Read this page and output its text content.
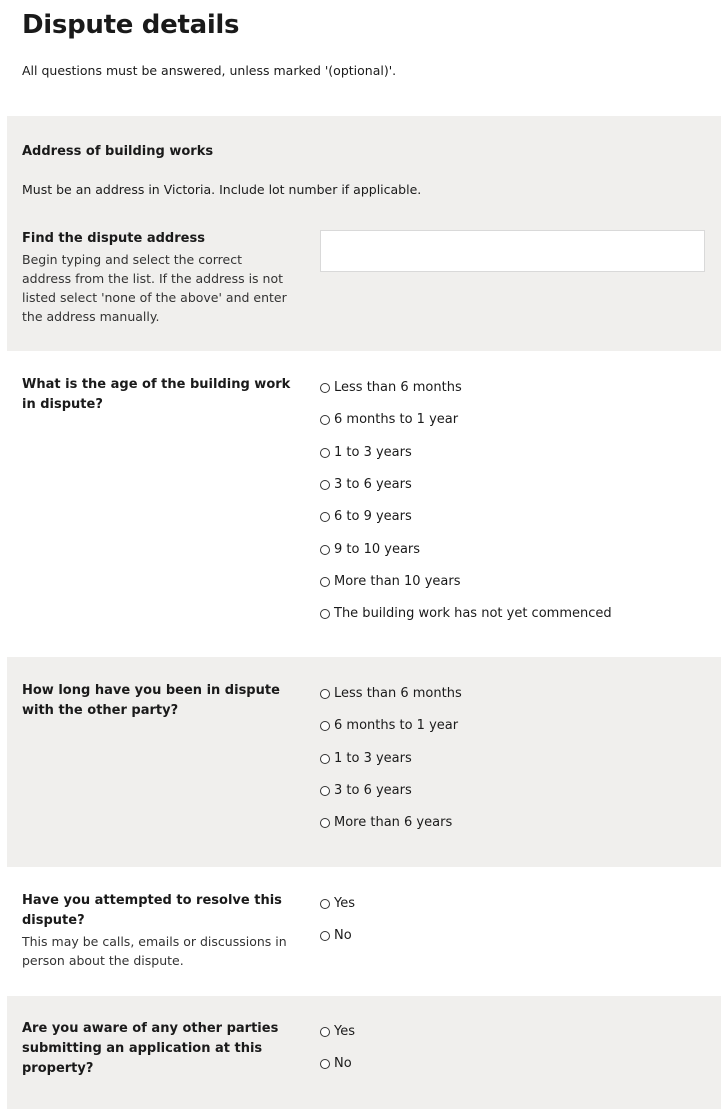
Dispute details

All questions must be answered, unless marked '(optional)'.

Address of building works
Must be an address in Victoria. Include lot number if applicable.
Find the dispute address
Begin typing and select the correct address from the list. If the address is not listed select 'none of the above' and enter the address manually.
What is the age of the building work in dispute?
Less than 6 months
6 months to 1 year
1 to 3 years
3 to 6 years
6 to 9 years
9 to 10 years
More than 10 years
The building work has not yet commenced
How long have you been in dispute with the other party?
Less than 6 months
6 months to 1 year
1 to 3 years
3 to 6 years
More than 6 years
Have you attempted to resolve this dispute?
This may be calls, emails or discussions in person about the dispute.
Yes
No
Are you aware of any other parties submitting an application at this property?
Yes
No
